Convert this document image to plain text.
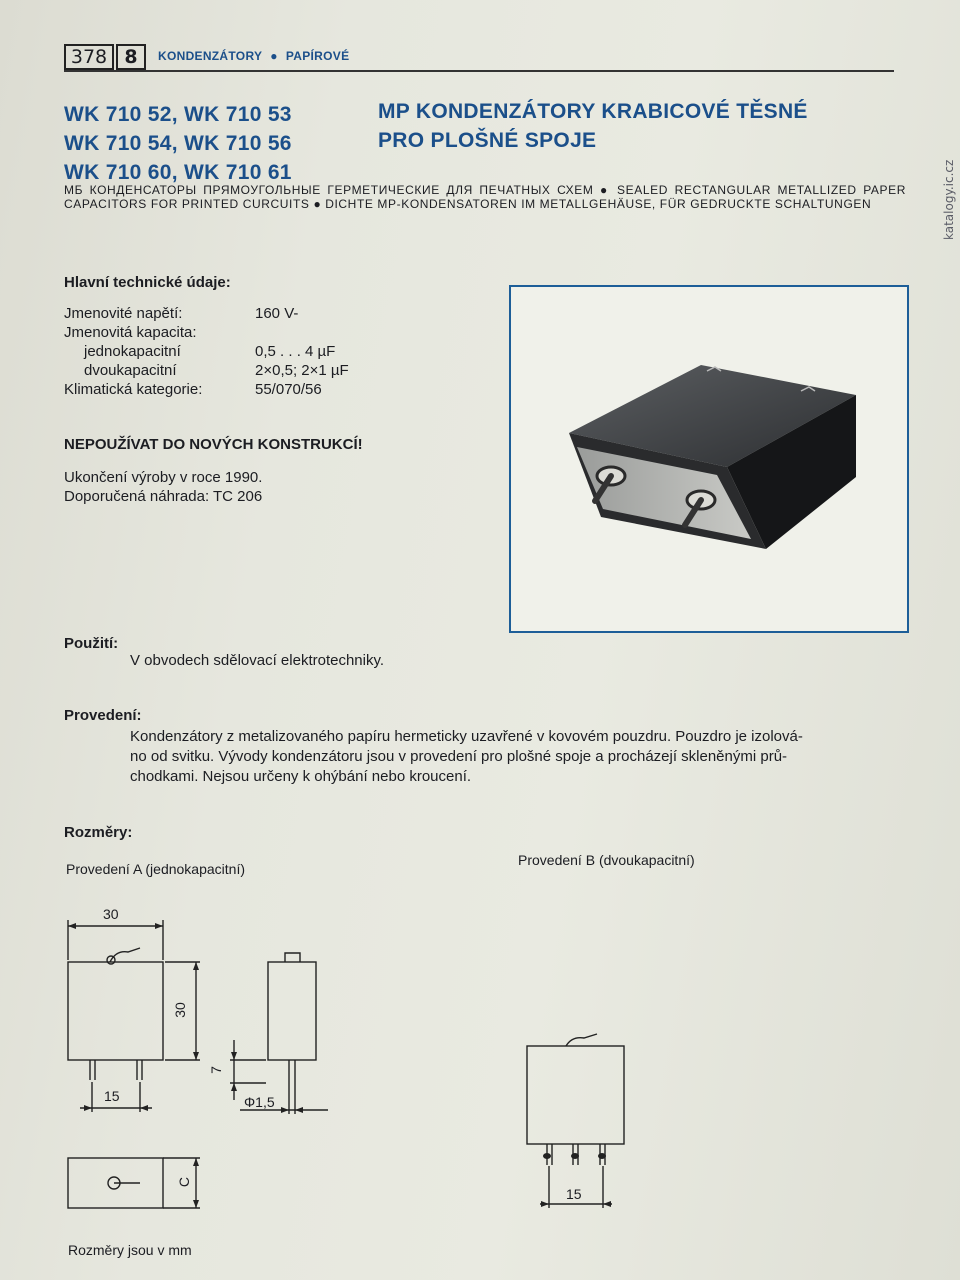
katalogy.ic.cz
378 8	KONDENZÁTORY ● PAPÍROVÉ
WK 710 52, WK 710 53
WK 710 54, WK 710 56
WK 710 60, WK 710 61
MP KONDENZÁTORY KRABICOVÉ TĚSNÉ
PRO PLOŠNÉ SPOJE
МБ КОНДЕНСАТОРЫ ПРЯМОУГОЛЬНЫЕ ГЕРМЕТИЧЕСКИЕ ДЛЯ ПЕЧАТНЫХ СХЕМ ● SEALED RECTANGULAR METALLIZED PAPER CAPACITORS FOR PRINTED CURCUITS ● DICHTE MP-KONDENSATOREN IM METALLGEHÄUSE, FÜR GEDRUCKTE SCHALTUNGEN
Hlavní technické údaje:
Jmenovité napětí:	160 V-
Jmenovitá kapacita:
jednokapacitní	0,5 . . . 4 µF
dvoukapacitní	2×0,5; 2×1 µF
Klimatická kategorie:	55/070/56
NEPOUŽÍVAT DO NOVÝCH KONSTRUKCÍ!
Ukončení výroby v roce 1990.
Doporučená náhrada: TC 206
Použití:
V obvodech sdělovací elektrotechniky.
Provedení:
Kondenzátory z metalizovaného papíru hermeticky uzavřené v kovovém pouzdru. Pouzdro je izolová-
no od svitku. Vývody kondenzátoru jsou v provedení pro plošné spoje a procházejí skleněnými prů-
chodkami. Nejsou určeny k ohýbání nebo kroucení.
Rozměry:
Provedení A (jednokapacitní)
Provedení B (dvoukapacitní)
30
30
15
7
Φ1,5
C
15
Rozměry jsou v mm
